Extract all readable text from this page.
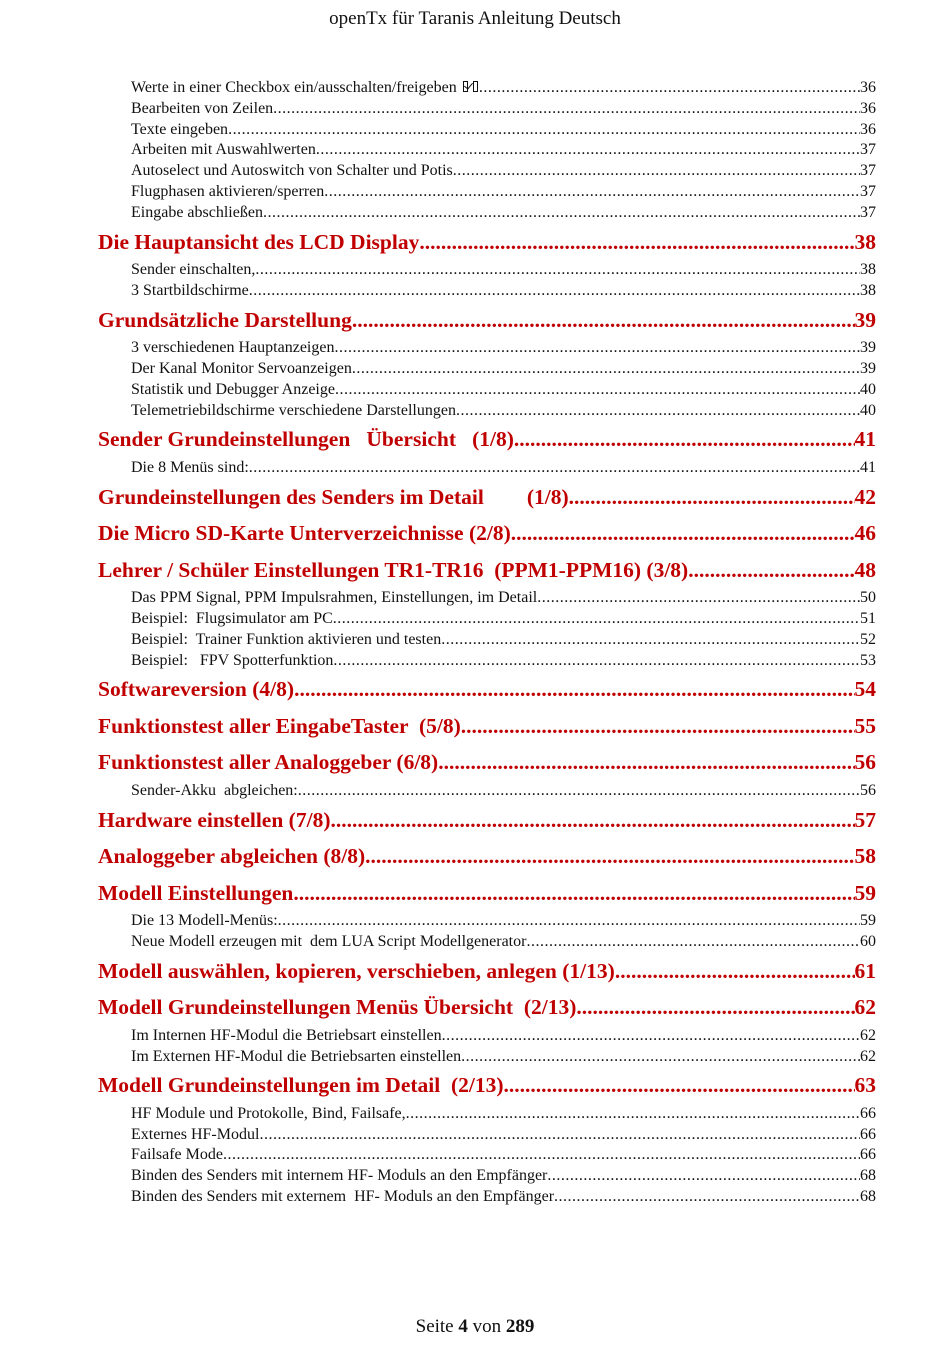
openTx für Taranis Anleitung Deutsch
Werte in einer Checkbox ein/ausschalten/freigeben .....	36
Bearbeiten von Zeilen .....	36
Texte eingeben .....	36
Arbeiten mit Auswahlwerten .....	37
Autoselect und Autoswitch von Schalter und Potis .....	37
Flugphasen aktivieren/sperren .....	37
Eingabe abschließen .....	37
Die Hauptansicht des LCD Display .....	38
Sender einschalten, .....	38
3 Startbildschirme .....	38
Grundsätzliche Darstellung .....	39
3 verschiedenen Hauptanzeigen .....	39
Der Kanal Monitor Servoanzeigen .....	39
Statistik und Debugger Anzeige .....	40
Telemetriebildschirme verschiedene Darstellungen .....	40
Sender Grundeinstellungen   Übersicht   (1/8) .....	41
Die 8 Menüs sind: .....	41
Grundeinstellungen des Senders im Detail        (1/8) .....	42
Die Micro SD-Karte Unterverzeichnisse (2/8) .....	46
Lehrer / Schüler Einstellungen TR1-TR16  (PPM1-PPM16) (3/8) .....	48
Das PPM Signal, PPM Impulsrahmen, Einstellungen, im Detail .....	50
Beispiel:  Flugsimulator am PC .....	51
Beispiel:  Trainer Funktion aktivieren und testen .....	52
Beispiel:   FPV Spotterfunktion .....	53
Softwareversion (4/8) .....	54
Funktionstest aller EingabeTaster  (5/8) .....	55
Funktionstest aller Analoggeber (6/8) .....	56
Sender-Akku  abgleichen: .....	56
Hardware einstellen (7/8) .....	57
Analoggeber abgleichen (8/8) .....	58
Modell Einstellungen .....	59
Die 13 Modell-Menüs: .....	59
Neue Modell erzeugen mit  dem LUA Script Modellgenerator .....	60
Modell auswählen, kopieren, verschieben, anlegen (1/13) .....	61
Modell Grundeinstellungen Menüs Übersicht  (2/13) .....	62
Im Internen HF-Modul die Betriebsart einstellen .....	62
Im Externen HF-Modul die Betriebsarten einstellen .....	62
Modell Grundeinstellungen im Detail  (2/13) .....	63
HF Module und Protokolle, Bind, Failsafe, .....	66
Externes HF-Modul .....	66
Failsafe Mode .....	66
Binden des Senders mit internem HF- Moduls an den Empfänger .....	68
Binden des Senders mit externem  HF- Moduls an den Empfänger .....	68
Seite 4 von 289
